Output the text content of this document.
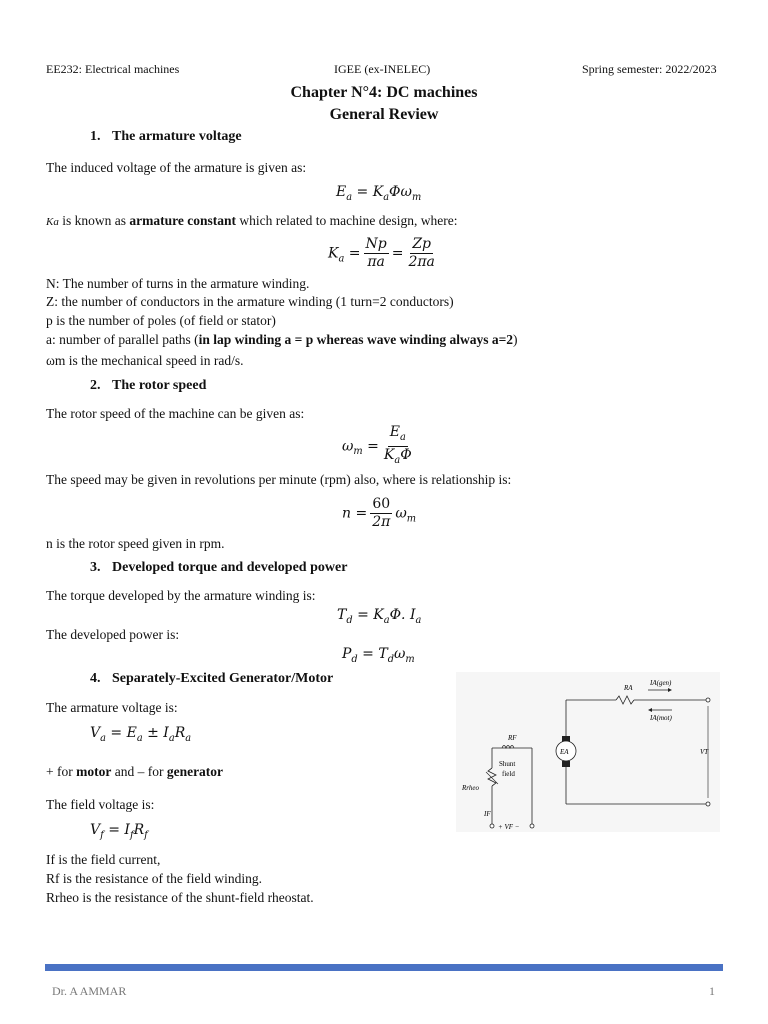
EE232: Electrical machines	IGEE (ex-INELEC)	Spring semester: 2022/2023
Chapter N°4: DC machines
General Review
1. The armature voltage
The induced voltage of the armature is given as:
$E_a = K_a\Phi\omega_m$
Ka is known as armature constant which related to machine design, where:
$K_a = \frac{Np}{\pi a} = \frac{Zp}{2\pi a}$
N: The number of turns in the armature winding.
Z: the number of conductors in the armature winding (1 turn=2 conductors)
p is the number of poles (of field or stator)
a: number of parallel paths (in lap winding a = p whereas wave winding always a=2)
ωm is the mechanical speed in rad/s.
2. The rotor speed
The rotor speed of the machine can be given as:
$\omega_m = \frac{E_a}{K_a\Phi}$
The speed may be given in revolutions per minute (rpm) also, where is relationship is:
$n = \frac{60}{2\pi} \omega_m$
n is the rotor speed given in rpm.
3. Developed torque and developed power
The torque developed by the armature winding is:
$T_d = K_a\Phi$. $I_a$
The developed power is:
$P_d = T_d\omega_m$
4. Separately-Excited Generator/Motor
The armature voltage is:
$V_a = E_a \pm I_aR_a$
+ for motor and – for generator
The field voltage is:
$V_f = I_fR_f$
If is the field current,
Rf is the resistance of the field winding.
Rrheo is the resistance of the shunt-field rheostat.
RA
IA(gen)
IA(mot)
EA	VT
RF
Shunt
field
Rrheo
IF
+ VF −
Dr. A AMMAR	1
